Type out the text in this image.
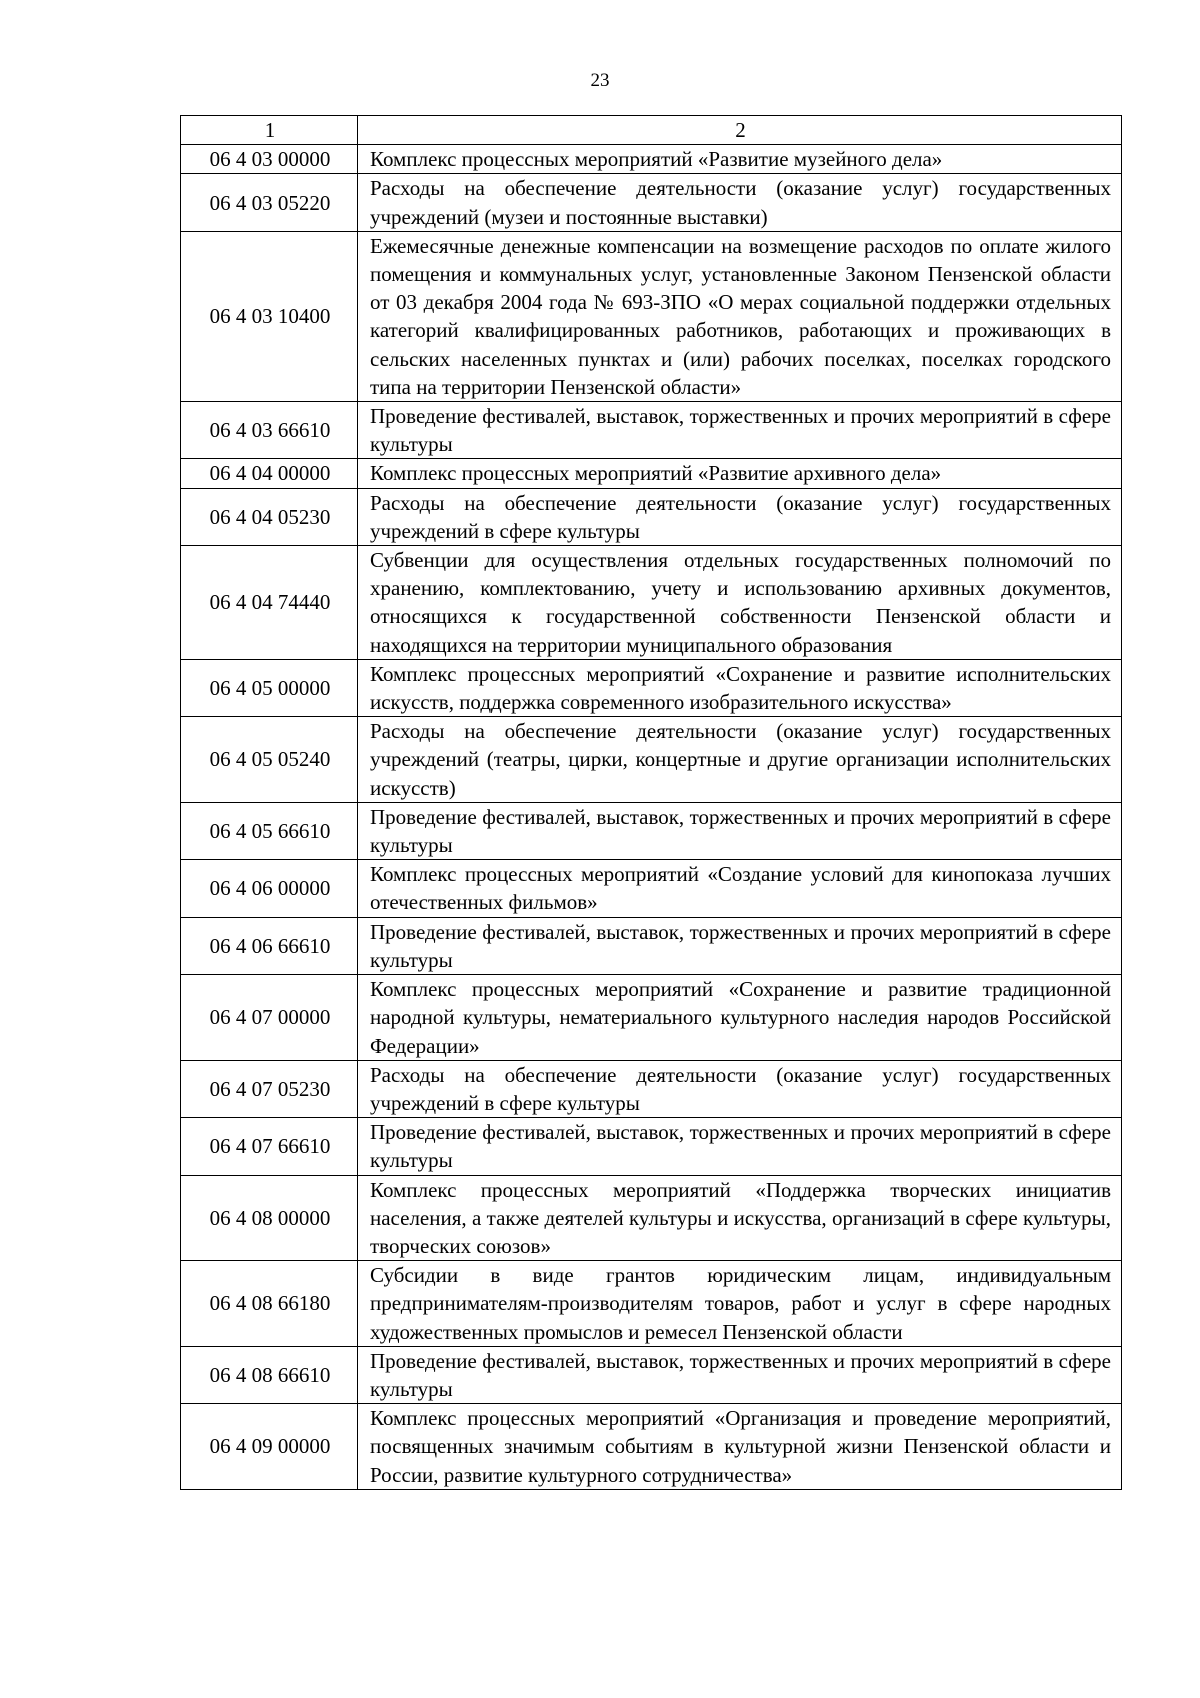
23
1	2
06 4 03 00000	Комплекс процессных мероприятий «Развитие музейного дела»
06 4 03 05220	Расходы на обеспечение деятельности (оказание услуг) государственных учреждений (музеи и постоянные выставки)
06 4 03 10400	Ежемесячные денежные компенсации на возмещение расходов по оплате жилого помещения и коммунальных услуг, установленные Законом Пензенской области от 03 декабря 2004 года № 693-ЗПО «О мерах социальной поддержки отдельных категорий квалифицированных работников, работающих и проживающих в сельских населенных пунктах и (или) рабочих поселках, поселках городского типа на территории Пензенской области»
06 4 03 66610	Проведение фестивалей, выставок, торжественных и прочих мероприятий в сфере культуры
06 4 04 00000	Комплекс процессных мероприятий «Развитие архивного дела»
06 4 04 05230	Расходы на обеспечение деятельности (оказание услуг) государственных учреждений в сфере культуры
06 4 04 74440	Субвенции для осуществления отдельных государственных полномочий по хранению, комплектованию, учету и использованию архивных документов, относящихся к государственной собственности Пензенской области и находящихся на территории муниципального образования
06 4 05 00000	Комплекс процессных мероприятий «Сохранение и развитие исполнительских искусств, поддержка современного изобразительного искусства»
06 4 05 05240	Расходы на обеспечение деятельности (оказание услуг) государственных учреждений (театры, цирки, концертные и другие организации исполнительских искусств)
06 4 05 66610	Проведение фестивалей, выставок, торжественных и прочих мероприятий в сфере культуры
06 4 06 00000	Комплекс процессных мероприятий «Создание условий для кинопоказа лучших отечественных фильмов»
06 4 06 66610	Проведение фестивалей, выставок, торжественных и прочих мероприятий в сфере культуры
06 4 07 00000	Комплекс процессных мероприятий «Сохранение и развитие традиционной народной культуры, нематериального культурного наследия народов Российской Федерации»
06 4 07 05230	Расходы на обеспечение деятельности (оказание услуг) государственных учреждений в сфере культуры
06 4 07 66610	Проведение фестивалей, выставок, торжественных и прочих мероприятий в сфере культуры
06 4 08 00000	Комплекс процессных мероприятий «Поддержка творческих инициатив населения, а также деятелей культуры и искусства, организаций в сфере культуры, творческих союзов»
06 4 08 66180	Субсидии в виде грантов юридическим лицам, индивидуальным предпринимателям-производителям товаров, работ и услуг в сфере народных художественных промыслов и ремесел Пензенской области
06 4 08 66610	Проведение фестивалей, выставок, торжественных и прочих мероприятий в сфере культуры
06 4 09 00000	Комплекс процессных мероприятий «Организация и проведение мероприятий, посвященных значимым событиям в культурной жизни Пензенской области и России, развитие культурного сотрудничества»
